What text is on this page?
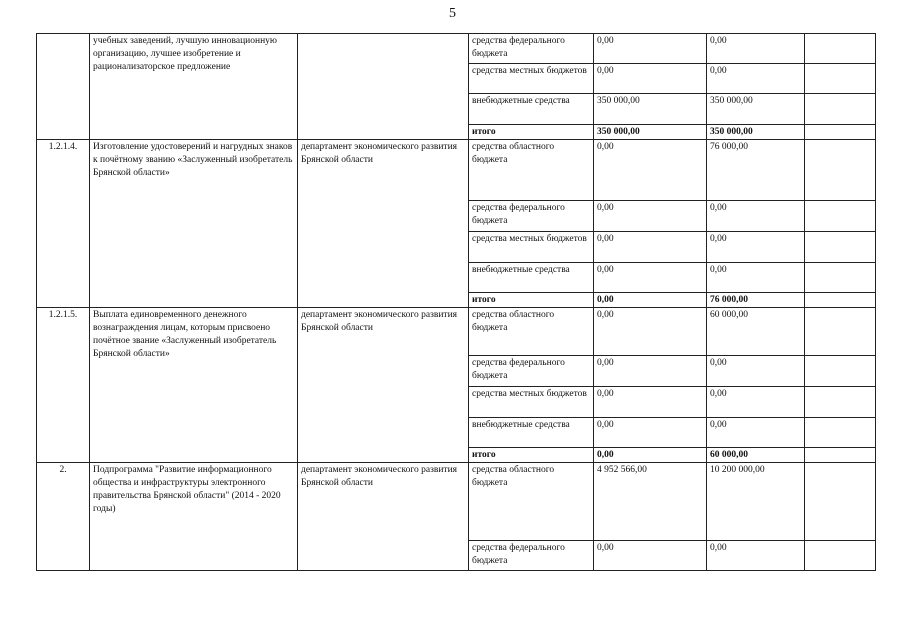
5
	учебных заведений, лучшую инновационную организацию, лучшее изобретение и рационализаторское предложение		средства федерального бюджета	0,00	0,00	
			средства местных бюджетов	0,00	0,00	
			внебюджетные средства	350 000,00	350 000,00	
			итого	350 000,00	350 000,00	
1.2.1.4.	Изготовление удостоверений и нагрудных знаков к почётному званию «Заслуженный изобретатель Брянской области»	департамент экономического развития Брянской области	средства областного бюджета	0,00	76 000,00	
			средства федерального бюджета	0,00	0,00	
			средства местных бюджетов	0,00	0,00	
			внебюджетные средства	0,00	0,00	
			итого	0,00	76 000,00	
1.2.1.5.	Выплата единовременного денежного вознаграждения лицам, которым присвоено почётное звание «Заслуженный изобретатель Брянской области»	департамент экономического развития Брянской области	средства областного бюджета	0,00	60 000,00	
			средства федерального бюджета	0,00	0,00	
			средства местных бюджетов	0,00	0,00	
			внебюджетные средства	0,00	0,00	
			итого	0,00	60 000,00	
2.	Подпрограмма "Развитие информационного общества и инфраструктуры электронного правительства Брянской области" (2014 - 2020 годы)	департамент экономического развития Брянской области	средства областного бюджета	4 952 566,00	10 200 000,00	
			средства федерального бюджета	0,00	0,00	
